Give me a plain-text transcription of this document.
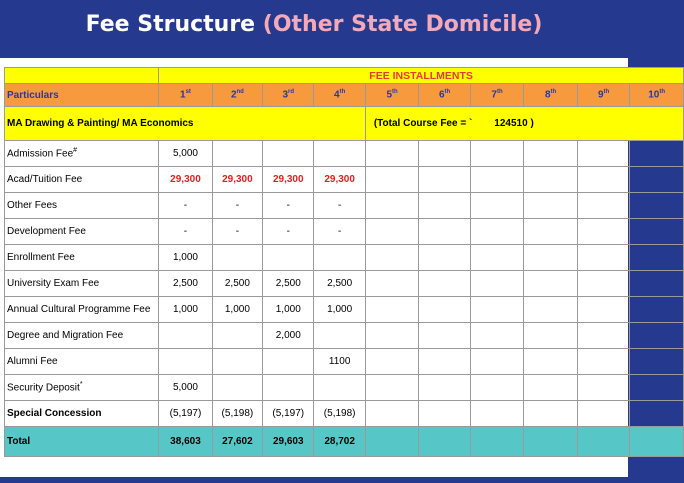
Fee Structure (Other State Domicile)
	FEE INSTALLMENTS									
Particulars	1st	2nd	3rd	4th	5th	6th	7th	8th	9th	10th
MA Drawing & Painting/ MA Economics					(Total Course Fee = ` 124510 )					
Admission Fee#	5,000									
Acad/Tuition Fee	29,300	29,300	29,300	29,300						
Other Fees	-	-	-	-						
Development Fee	-	-	-	-						
Enrollment Fee	1,000									
University Exam Fee	2,500	2,500	2,500	2,500						
Annual Cultural Programme Fee	1,000	1,000	1,000	1,000						
Degree and Migration Fee			2,000							
Alumni Fee				1100						
Security Deposit*	5,000									
Special Concession	(5,197)	(5,198)	(5,197)	(5,198)						
Total	38,603	27,602	29,603	28,702						
